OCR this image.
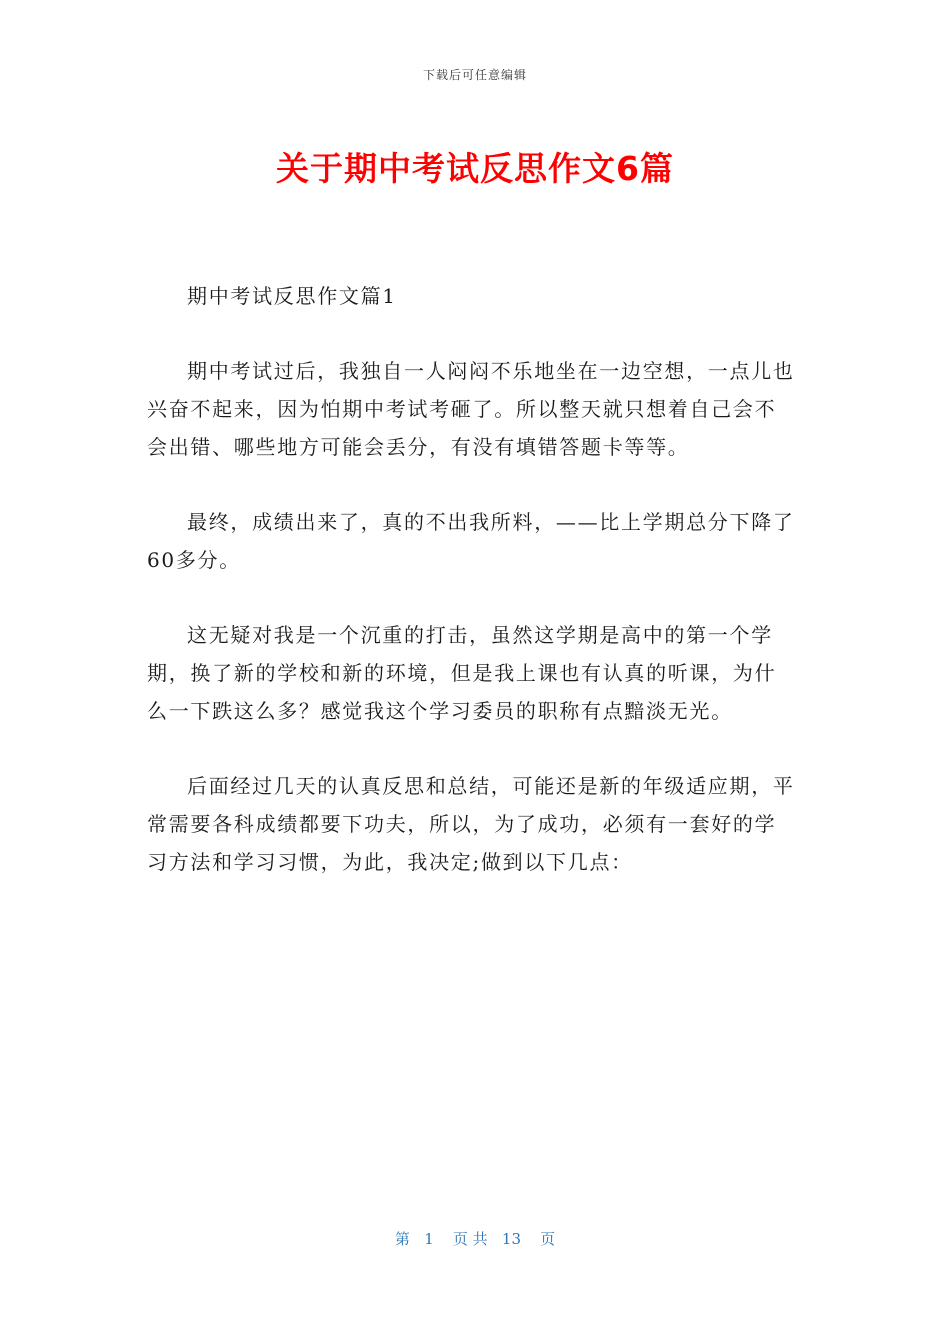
下载后可任意编辑
关于期中考试反思作文6篇

期中考试反思作文篇1

期中考试过后，我独自一人闷闷不乐地坐在一边空想，一点儿也兴奋不起来，因为怕期中考试考砸了。所以整天就只想着自己会不会出错、哪些地方可能会丢分，有没有填错答题卡等等。

最终，成绩出来了，真的不出我所料，——比上学期总分下降了60多分。

这无疑对我是一个沉重的打击，虽然这学期是高中的第一个学期，换了新的学校和新的环境，但是我上课也有认真的听课，为什么一下跌这么多？感觉我这个学习委员的职称有点黯淡无光。

后面经过几天的认真反思和总结，可能还是新的年级适应期，平常需要各科成绩都要下功夫，所以，为了成功，必须有一套好的学习方法和学习习惯，为此，我决定;做到以下几点：

第   1    页 共   13    页
